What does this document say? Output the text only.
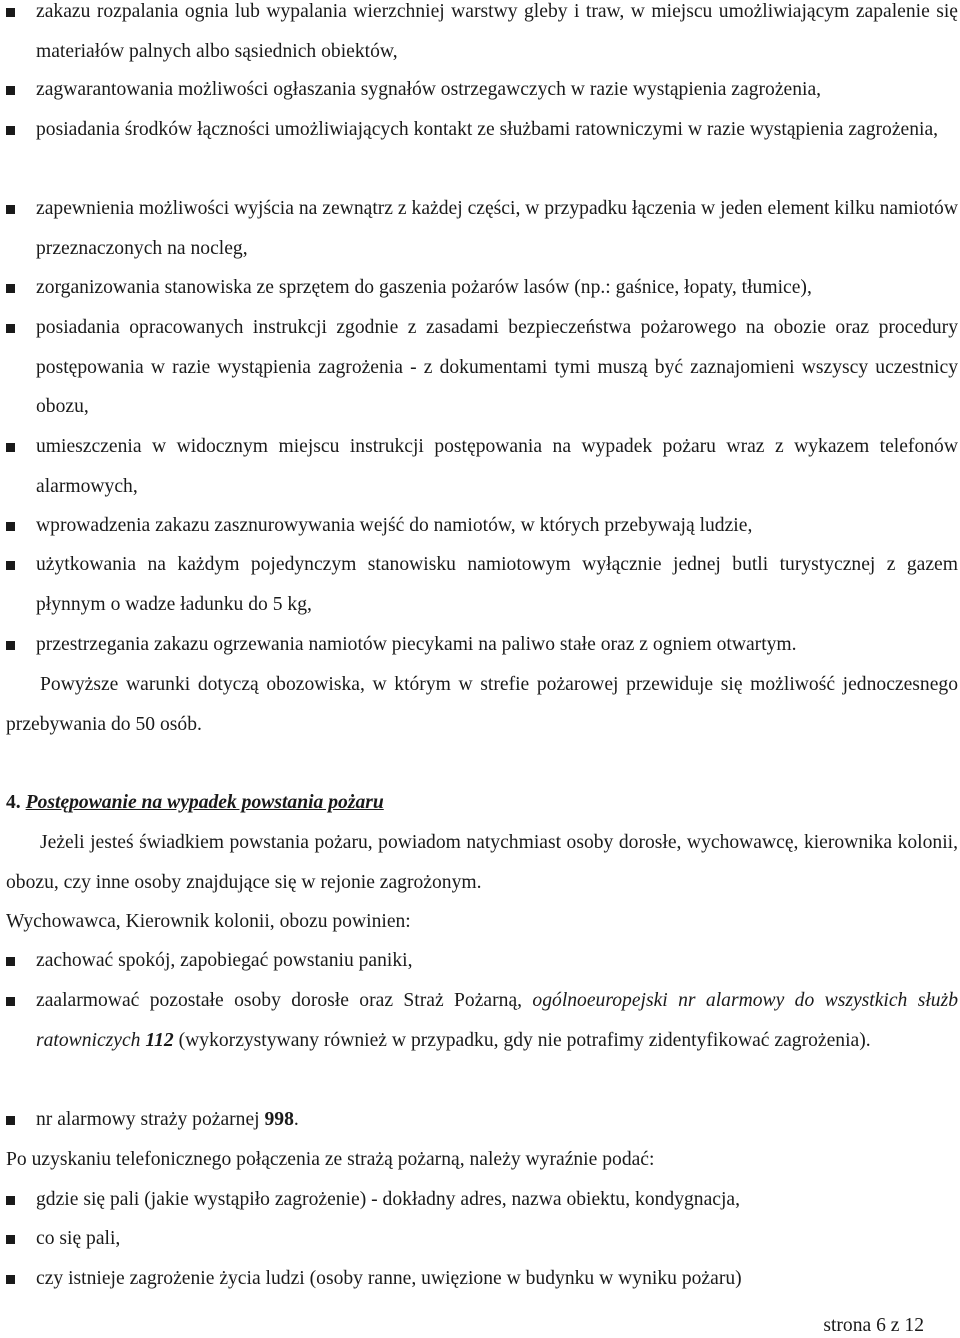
zakazu rozpalania ognia lub wypalania wierzchniej warstwy gleby i traw, w miejscu umożliwiającym zapalenie się materiałów palnych albo sąsiednich obiektów,
zagwarantowania możliwości ogłaszania sygnałów ostrzegawczych w razie wystąpienia zagrożenia,
posiadania środków łączności umożliwiających kontakt ze służbami ratowniczymi w razie wystąpienia zagrożenia,
zapewnienia możliwości wyjścia na zewnątrz z każdej części, w przypadku łączenia w jeden element kilku namiotów przeznaczonych na nocleg,
zorganizowania stanowiska ze sprzętem do gaszenia pożarów lasów (np.: gaśnice, łopaty, tłumice),
posiadania opracowanych instrukcji zgodnie z zasadami bezpieczeństwa pożarowego na obozie oraz procedury postępowania w razie wystąpienia zagrożenia - z dokumentami tymi muszą być zaznajomieni wszyscy uczestnicy obozu,
umieszczenia w widocznym miejscu instrukcji postępowania na wypadek pożaru wraz z wykazem telefonów alarmowych,
wprowadzenia zakazu zasznurowywania wejść do namiotów, w których przebywają ludzie,
użytkowania na każdym pojedynczym stanowisku namiotowym wyłącznie jednej butli turystycznej z gazem płynnym o wadze ładunku do 5 kg,
przestrzegania zakazu ogrzewania namiotów piecykami na paliwo stałe oraz z ogniem otwartym.
Powyższe warunki dotyczą obozowiska, w którym w strefie pożarowej przewiduje się możliwość jednoczesnego przebywania do 50 osób.
4. Postępowanie na wypadek powstania pożaru
Jeżeli jesteś świadkiem powstania pożaru, powiadom natychmiast osoby dorosłe, wychowawcę, kierownika kolonii, obozu, czy inne osoby znajdujące się w rejonie zagrożonym.
Wychowawca, Kierownik kolonii, obozu powinien:
zachować spokój, zapobiegać powstaniu paniki,
zaalarmować pozostałe osoby dorosłe oraz Straż Pożarną, ogólnoeuropejski nr alarmowy do wszystkich służb ratowniczych 112 (wykorzystywany również w przypadku, gdy nie potrafimy zidentyfikować zagrożenia).
nr alarmowy straży pożarnej 998.
Po uzyskaniu telefonicznego połączenia ze strażą pożarną, należy wyraźnie podać:
gdzie się pali (jakie wystąpiło zagrożenie) - dokładny adres, nazwa obiektu, kondygnacja,
co się pali,
czy istnieje zagrożenie życia ludzi (osoby ranne, uwięzione w budynku w wyniku pożaru)
strona 6 z 12
